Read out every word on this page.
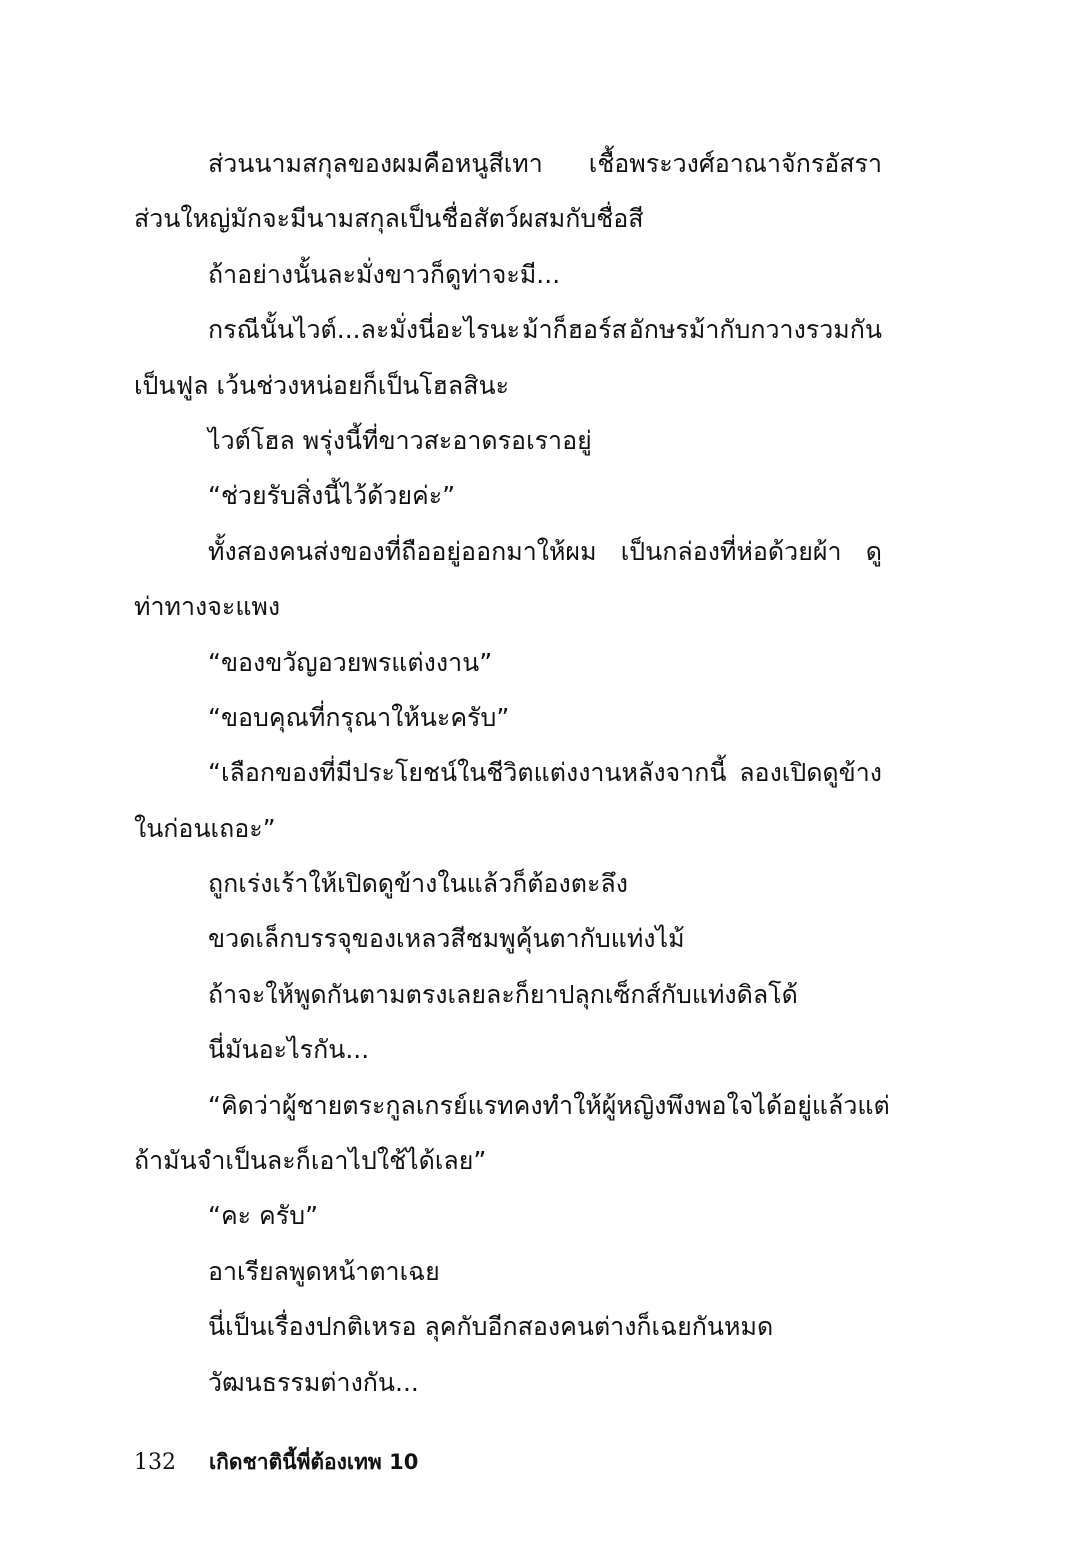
ส่วนนามสกุลของผมคือหนูสีเทา เชื้อพระวงศ์อาณาจักรอัสรา
ส่วนใหญ่มักจะมีนามสกุลเป็นชื่อสัตว์ผสมกับชื่อสี
ถ้าอย่างนั้นละมั่งขาวก็ดูท่าจะมี...
กรณีนั้นไวต์...ละมั่งนี่อะไรนะ ม้าก็ฮอร์ส อักษรม้ากับกวางรวมกัน
เป็นฟูล เว้นช่วงหน่อยก็เป็นโฮลสินะ
ไวต์โฮล พรุ่งนี้ที่ขาวสะอาดรอเราอยู่
“ช่วยรับสิ่งนี้ไว้ด้วยค่ะ”
ทั้งสองคนส่งของที่ถืออยู่ออกมาให้ผม เป็นกล่องที่ห่อด้วยผ้า ดู
ท่าทางจะแพง
“ของขวัญอวยพรแต่งงาน”
“ขอบคุณที่กรุณาให้นะครับ”
“เลือกของที่มีประโยชน์ในชีวิตแต่งงานหลังจากนี้ ลองเปิดดูข้าง
ในก่อนเถอะ”
ถูกเร่งเร้าให้เปิดดูข้างในแล้วก็ต้องตะลึง
ขวดเล็กบรรจุของเหลวสีชมพูคุ้นตากับแท่งไม้
ถ้าจะให้พูดกันตามตรงเลยละก็ยาปลุกเซ็กส์กับแท่งดิลโด้
นี่มันอะไรกัน...
“คิดว่าผู้ชายตระกูลเกรย์แรทคงทำให้ผู้หญิงพึงพอใจได้อยู่แล้ว แต่
ถ้ามันจำเป็นละก็เอาไปใช้ได้เลย”
“คะ ครับ”
อาเรียลพูดหน้าตาเฉย
นี่เป็นเรื่องปกติเหรอ ลุคกับอีกสองคนต่างก็เฉยกันหมด
วัฒนธรรมต่างกัน...
132 เกิดชาตินี้พี่ต้องเทพ 10
